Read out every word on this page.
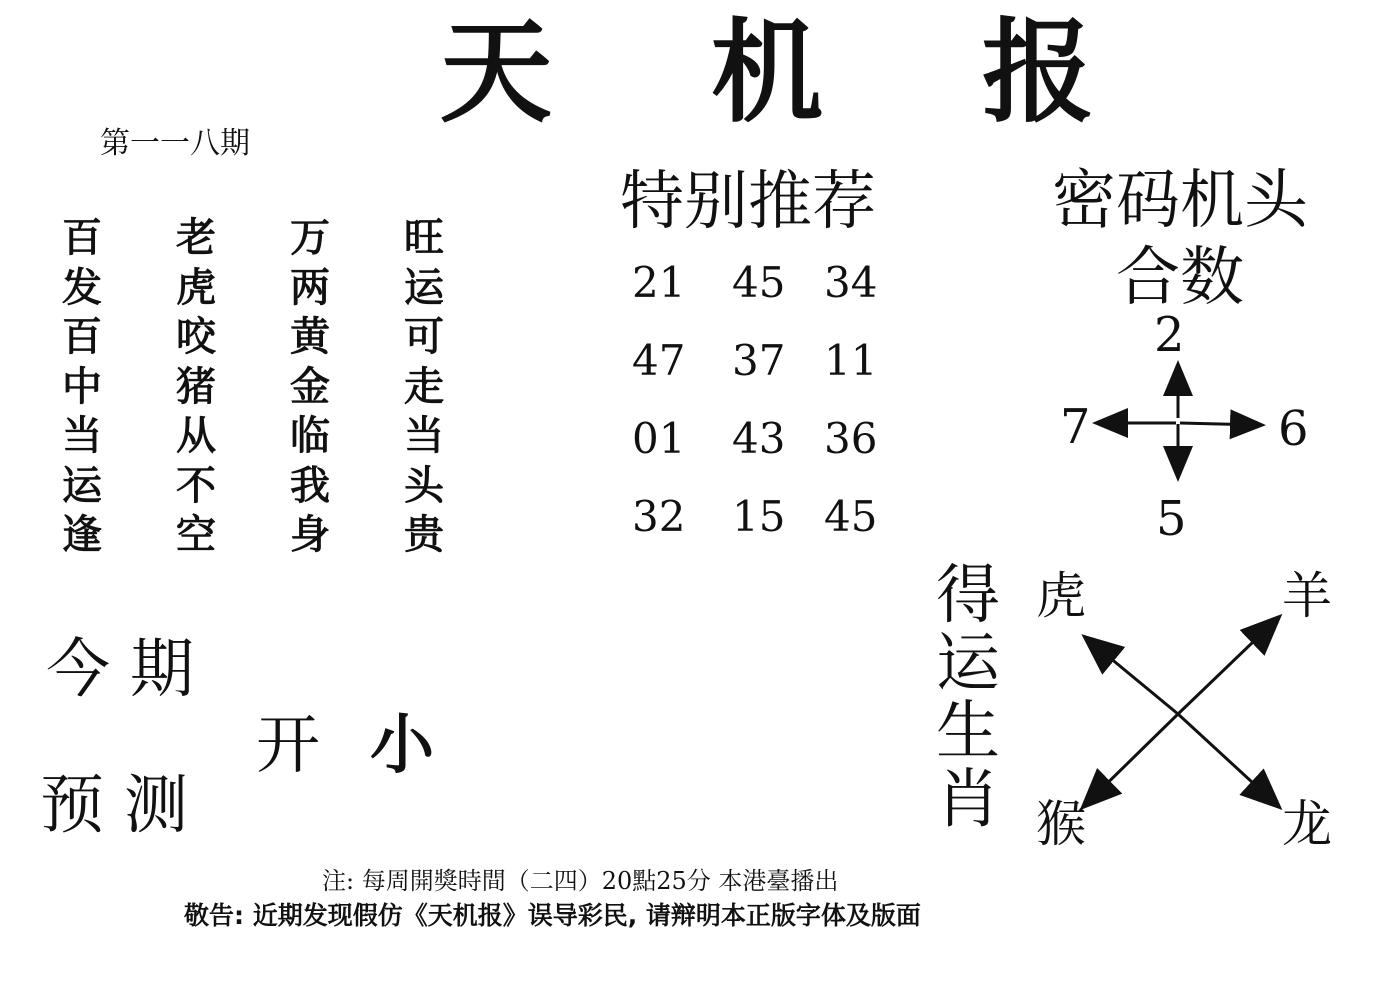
天 机 报
第一一八期
百	老	万	旺
发	虎	两	运
百	咬	黄	可
中	猪	金	走
当	从	临	当
运	不	我	头
逢	空	身	贵
特别推荐
21	45 34
47	37 11
01	43 36
32	15 45
密码机头
合数
2
7	6
5
今期
预测
开 小
得
运
生
肖
虎	羊
猴	龙
注: 每周開獎時間（二四）20點25分 本港臺播出
敬告: 近期发现假仿《天机报》误导彩民, 请辩明本正版字体及版面
